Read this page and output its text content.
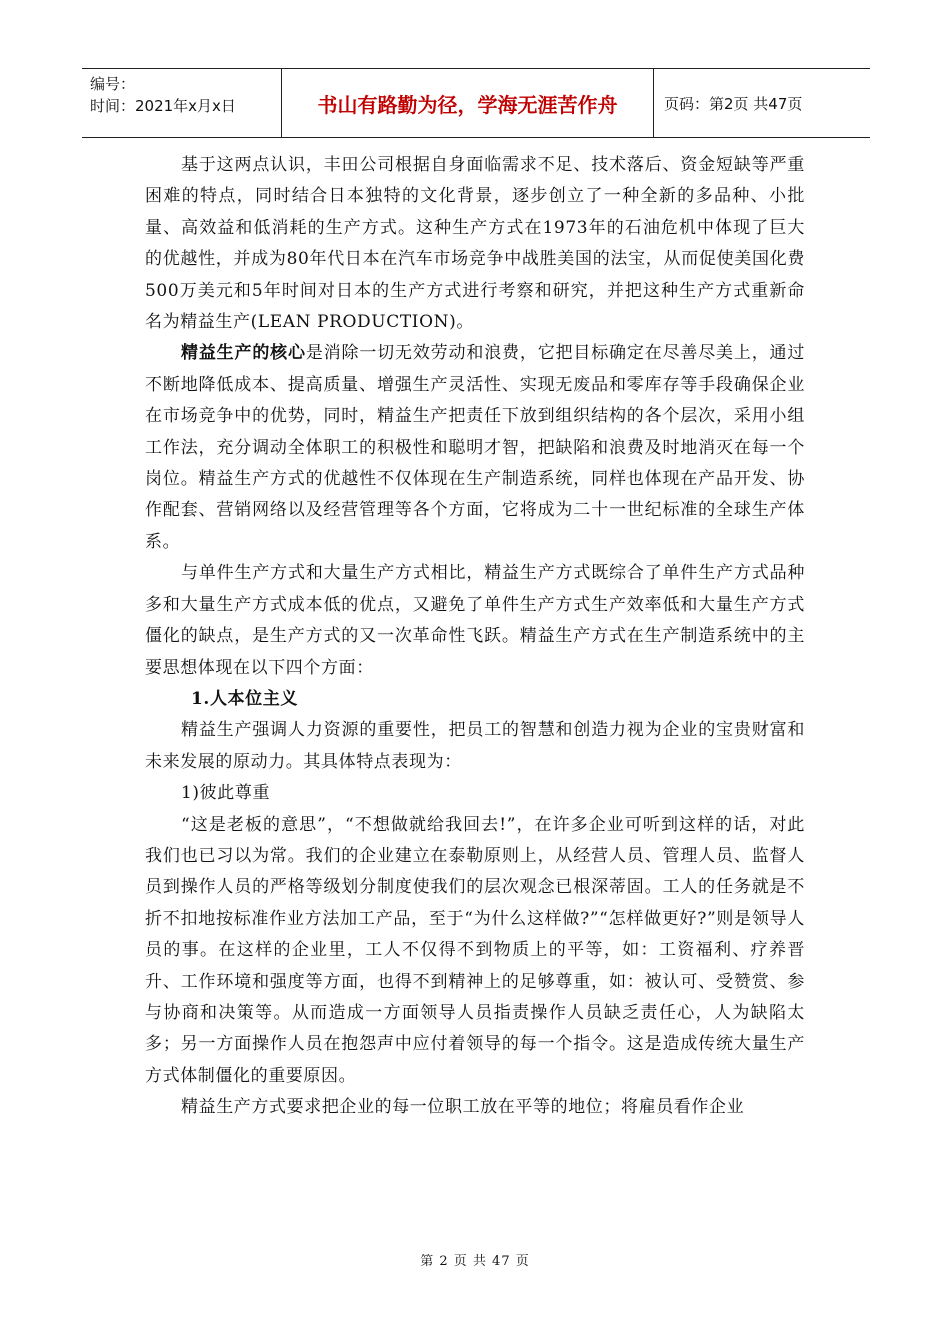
编号：
时间：2021年x月x日	书山有路勤为径，学海无涯苦作舟	页码：第2页 共47页

基于这两点认识，丰田公司根据自身面临需求不足、技术落后、资金短缺等严重困难的特点，同时结合日本独特的文化背景，逐步创立了一种全新的多品种、小批量、高效益和低消耗的生产方式。这种生产方式在1973年的石油危机中体现了巨大的优越性，并成为80年代日本在汽车市场竞争中战胜美国的法宝，从而促使美国化费500万美元和5年时间对日本的生产方式进行考察和研究，并把这种生产方式重新命名为精益生产(LEAN PRODUCTION)。

精益生产的核心是消除一切无效劳动和浪费，它把目标确定在尽善尽美上，通过不断地降低成本、提高质量、增强生产灵活性、实现无废品和零库存等手段确保企业在市场竞争中的优势，同时，精益生产把责任下放到组织结构的各个层次，采用小组工作法，充分调动全体职工的积极性和聪明才智，把缺陷和浪费及时地消灭在每一个岗位。精益生产方式的优越性不仅体现在生产制造系统，同样也体现在产品开发、协作配套、营销网络以及经营管理等各个方面，它将成为二十一世纪标准的全球生产体系。

与单件生产方式和大量生产方式相比，精益生产方式既综合了单件生产方式品种多和大量生产方式成本低的优点，又避免了单件生产方式生产效率低和大量生产方式僵化的缺点，是生产方式的又一次革命性飞跃。精益生产方式在生产制造系统中的主要思想体现在以下四个方面：

1.人本位主义

精益生产强调人力资源的重要性，把员工的智慧和创造力视为企业的宝贵财富和未来发展的原动力。其具体特点表现为：

1)彼此尊重

“这是老板的意思”，“不想做就给我回去!”，在许多企业可听到这样的话，对此我们也已习以为常。我们的企业建立在泰勒原则上，从经营人员、管理人员、监督人员到操作人员的严格等级划分制度使我们的层次观念已根深蒂固。工人的任务就是不折不扣地按标准作业方法加工产品，至于“为什么这样做?”“怎样做更好?”则是领导人员的事。在这样的企业里，工人不仅得不到物质上的平等，如：工资福利、疗养晋升、工作环境和强度等方面，也得不到精神上的足够尊重，如：被认可、受赞赏、参与协商和决策等。从而造成一方面领导人员指责操作人员缺乏责任心，人为缺陷太多；另一方面操作人员在抱怨声中应付着领导的每一个指令。这是造成传统大量生产方式体制僵化的重要原因。

精益生产方式要求把企业的每一位职工放在平等的地位；将雇员看作企业

第 2 页 共 47 页
